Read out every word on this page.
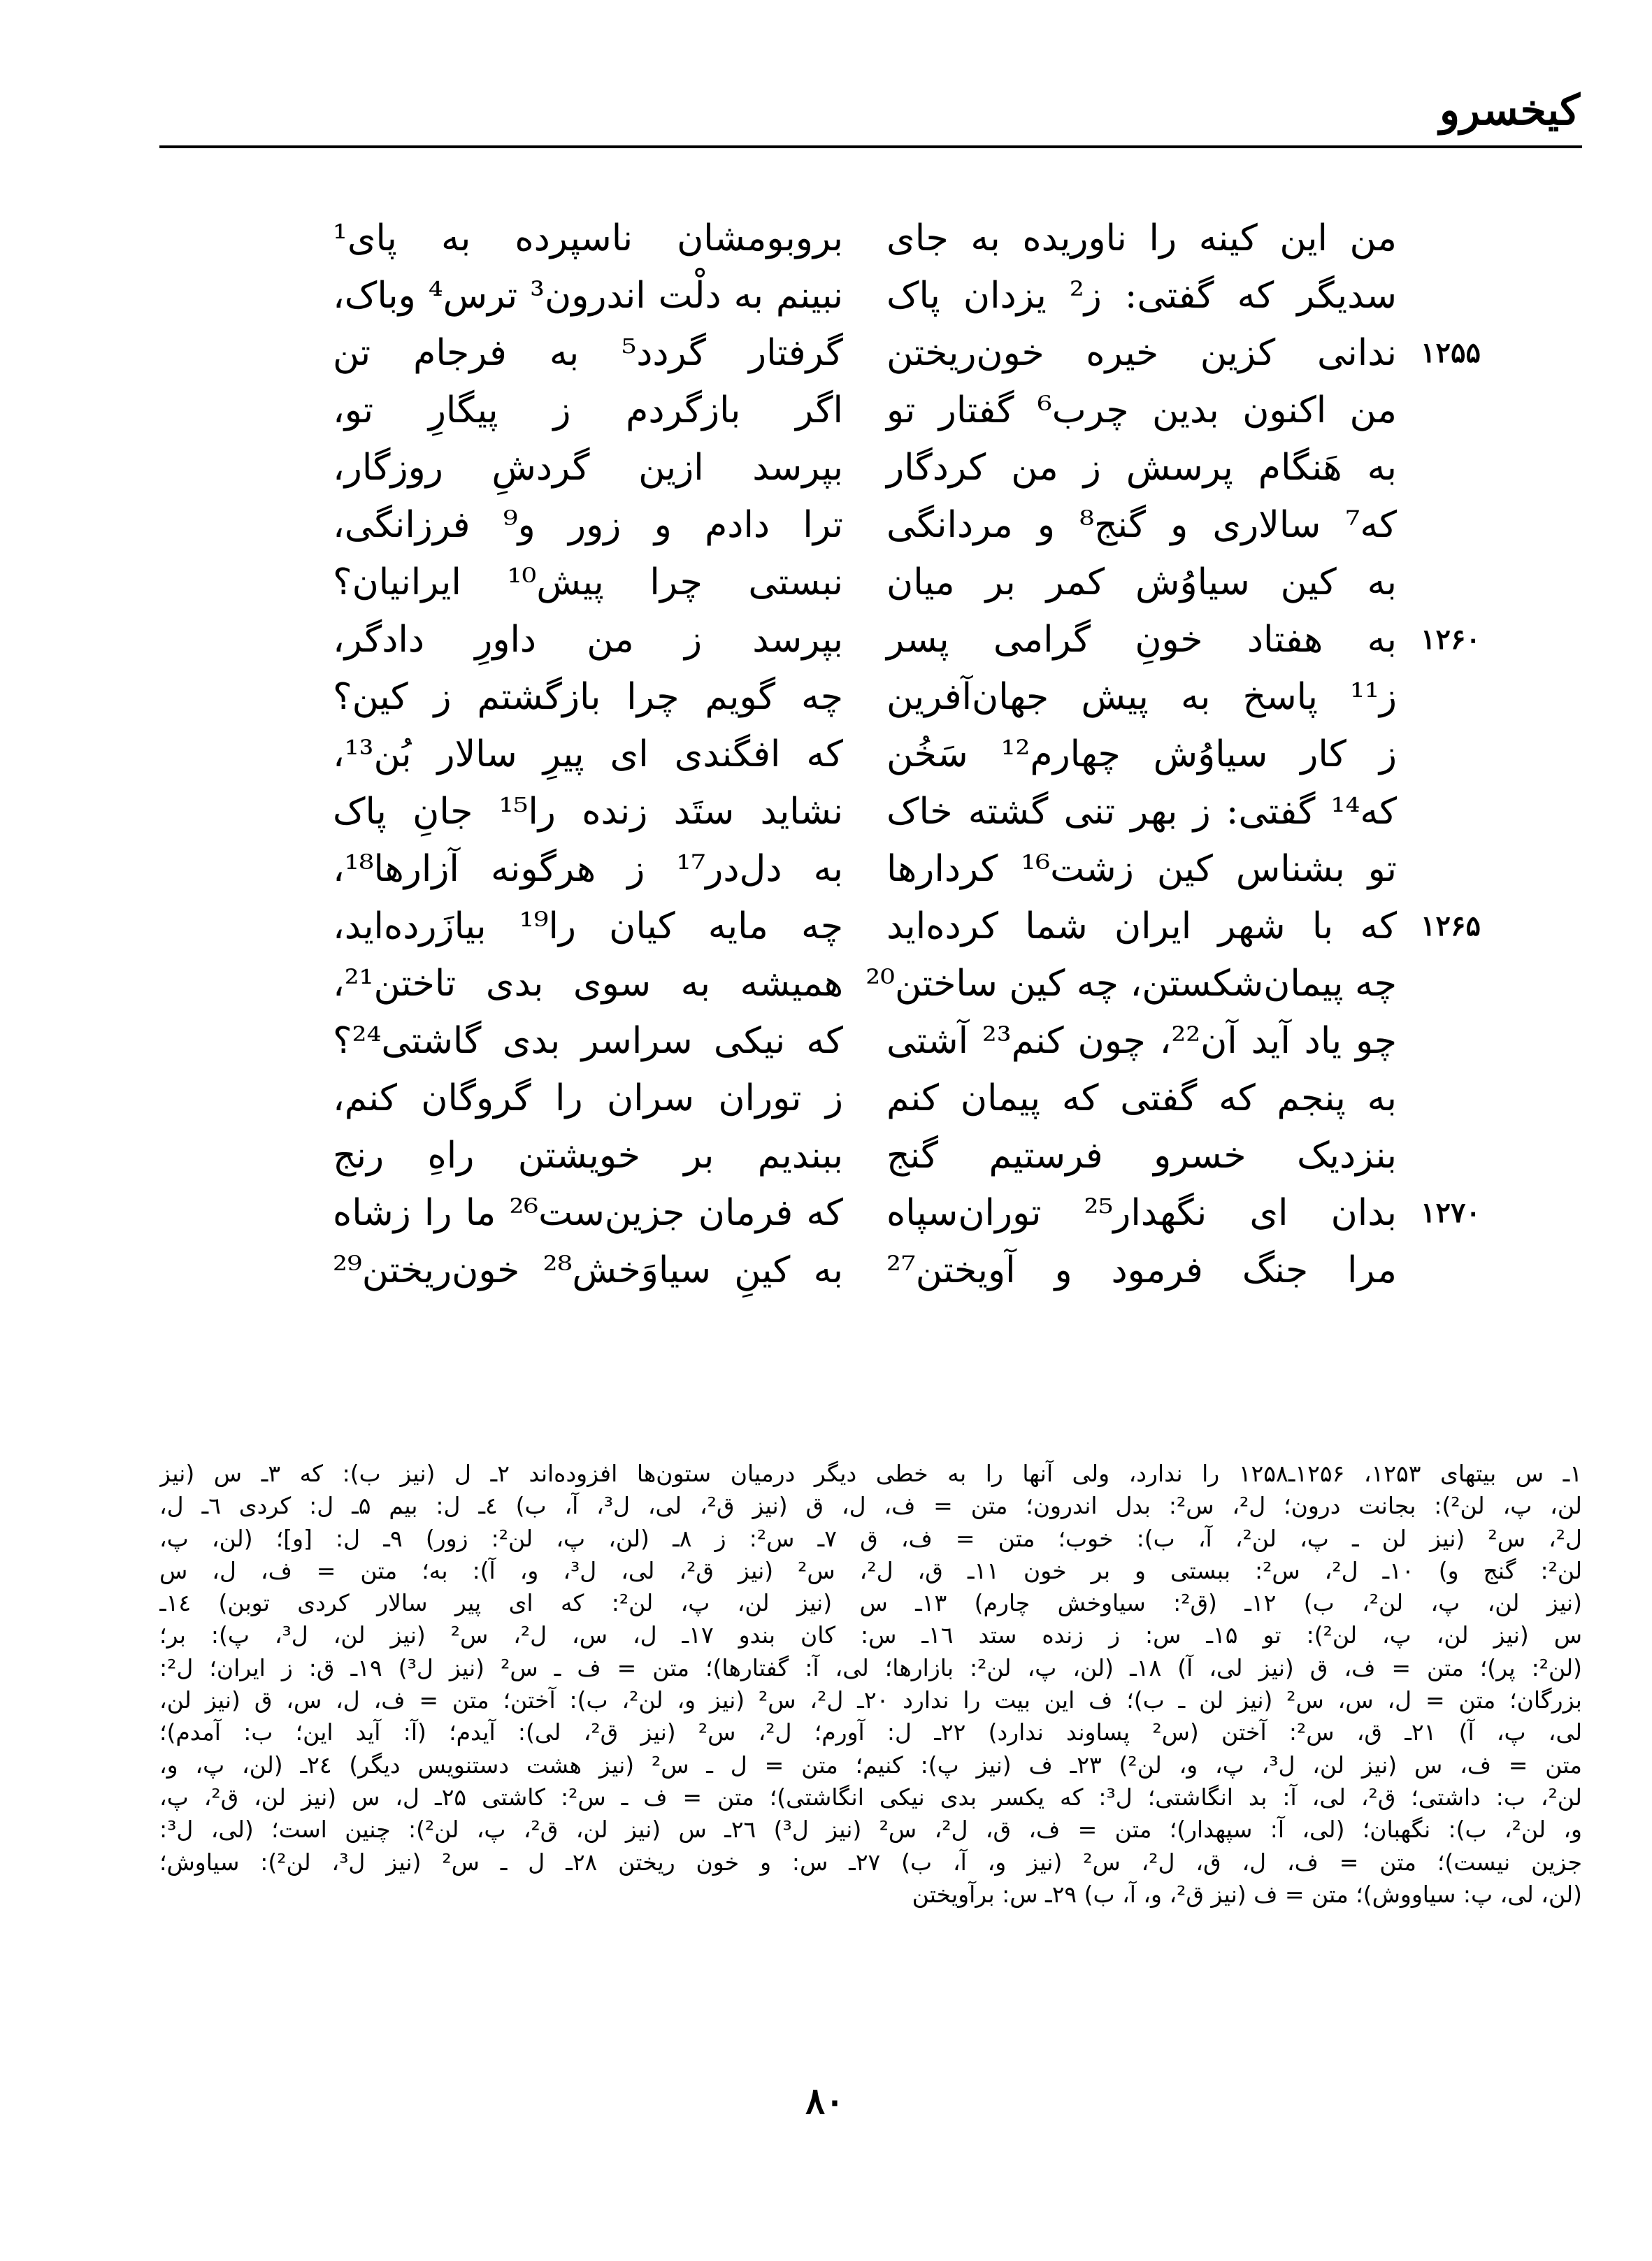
کیخسرو
من این کینه را ناوریده به جای
بروبومشان ناسپرده به پای¹
سدیگر که گفتی: ز² یزدان پاک
نبینم به دلْت اندرون³ ترس⁴ وباک،
۱۲۵۵
ندانی کزین خیره خون‌ریختن
گرفتار گردد⁵ به فرجام تن
من اکنون بدین چرب⁶ گفتار تو
اگر بازگردم ز پیگارِ تو،
به هَنگام پرسش ز من کردگار
بپرسد ازین گردشِ روزگار،
که⁷ سالاری و گنج⁸ و مردانگی
ترا دادم و زور و⁹ فرزانگی،
به کین سیاوُش کمر بر میان
نبستی چرا پیش¹⁰ ایرانیان؟
۱۲۶۰
به هفتاد خونِ گرامی پسر
بپرسد ز من داورِ دادگر،
ز¹¹ پاسخ به پیش جهان‌آفرین
چه گویم چرا بازگشتم ز کین؟
ز کار سیاوُش چهارم¹² سَخُن
که افگندی ای پیرِ سالار بُن¹³،
که¹⁴ گفتی: ز بهر تنی گشته خاک
نشاید ستَد زنده را¹⁵ جانِ پاک
تو بشناس کین زشت¹⁶ کردارها
به دل‌در¹⁷ ز هرگونه آزارها¹⁸،
۱۲۶۵
که با شهر ایران شما کرده‌اید
چه مایه کیان را¹⁹ بیازَرده‌اید،
چه پیمان‌شکستن، چه کین ساختن²⁰
همیشه به سوی بدی تاختن²¹،
چو یاد آید آن²²، چون کنم²³ آشتی
که نیکی سراسر بدی گاشتی²⁴؟
به پنجم که گفتی که پیمان کنم
ز توران سران را گروگان کنم،
بنزدیک خسرو فرستیم گنج
ببندیم بر خویشتن راهِ رنج
۱۲۷۰
بدان ای نگهدار²⁵ توران‌سپاه
که فرمان جزین‌ست²⁶ ما را زشاه
مرا جنگ فرمود و آویختن²⁷
به کینِ سیاوَخش²⁸ خون‌ریختن²⁹
۱ـ س بیتهای ۱۲۵۳، ۱۲۵۶ـ۱۲۵۸ را ندارد، ولی آنها را به خطی دیگر درمیان ستون‌ها افزوده‌اند ۲ـ ل (نیز ب): که ۳ـ س (نیز
لن، پ، لن²): بجانت درون؛ ل²، س²: بدل اندرون؛ متن = ف، ل، ق (نیز ق²، لی، ل³، آ، ب) ٤ـ ل: بیم ۵ـ ل: کردی ٦ـ ل،
ل²، س² (نیز لن ـ پ، لن²، آ، ب): خوب؛ متن = ف، ق ۷ـ س²: ز ۸ـ (لن، پ، لن²: زور) ۹ـ ل: [و]؛ (لن، پ،
لن²: گنج و) ۱۰ـ ل²، س²: ببستی و بر خون ۱۱ـ ق، ل²، س² (نیز ق²، لی، ل³، و، آ): به؛ متن = ف، ل، س
(نیز لن، پ، لن²، ب) ۱۲ـ (ق²: سیاوخش چارم) ۱۳ـ س (نیز لن، پ، لن²: که ای پیر سالار کردی توبن) ۱٤ـ
س (نیز لن، پ، لن²): تو ۱۵ـ س: ز زنده ستد ۱٦ـ س: کان بندو ۱۷ـ ل، س، ل²، س² (نیز لن، ل³، پ): بر؛
(لن²: پر)؛ متن = ف، ق (نیز لی، آ) ۱۸ـ (لن، پ، لن²: بازارها؛ لی، آ: گفتارها)؛ متن = ف ـ س² (نیز ل³) ۱۹ـ ق: ز ایران؛ ل²:
بزرگان؛ متن = ل، س، س² (نیز لن ـ ب)؛ ف این بیت را ندارد ۲۰ـ ل²، س² (نیز و، لن²، ب): آختن؛ متن = ف، ل، س، ق (نیز لن،
لی، پ، آ) ۲۱ـ ق، س²: آختن (س² پساوند ندارد) ۲۲ـ ل: آورم؛ ل²، س² (نیز ق²، لی): آیدم؛ (آ: آید این؛ ب: آمدم)؛
متن = ف، س (نیز لن، ل³، پ، و، لن²) ۲۳ـ ف (نیز پ): کنیم؛ متن = ل ـ س² (نیز هشت دستنویس دیگر) ۲٤ـ (لن، پ، و،
لن²، ب: داشتی؛ ق²، لی، آ: بد انگاشتی؛ ل³: که یکسر بدی نیکی انگاشتی)؛ متن = ف ـ س²: کاشتی ۲۵ـ ل، س (نیز لن، ق²، پ،
و، لن²، ب): نگهبان؛ (لی، آ: سپهدار)؛ متن = ف، ق، ل²، س² (نیز ل³) ۲٦ـ س (نیز لن، ق²، پ، لن²): چنین است؛ (لی، ل³:
جزین نیست)؛ متن = ف، ل، ق، ل²، س² (نیز و، آ، ب) ۲۷ـ س: و خون ریختن ۲۸ـ ل ـ س² (نیز ل³، لن²): سیاوش؛
(لن، لی، پ: سیاووش)؛ متن = ف (نیز ق²، و، آ، ب) ۲۹ـ س: برآویختن
۸۰
